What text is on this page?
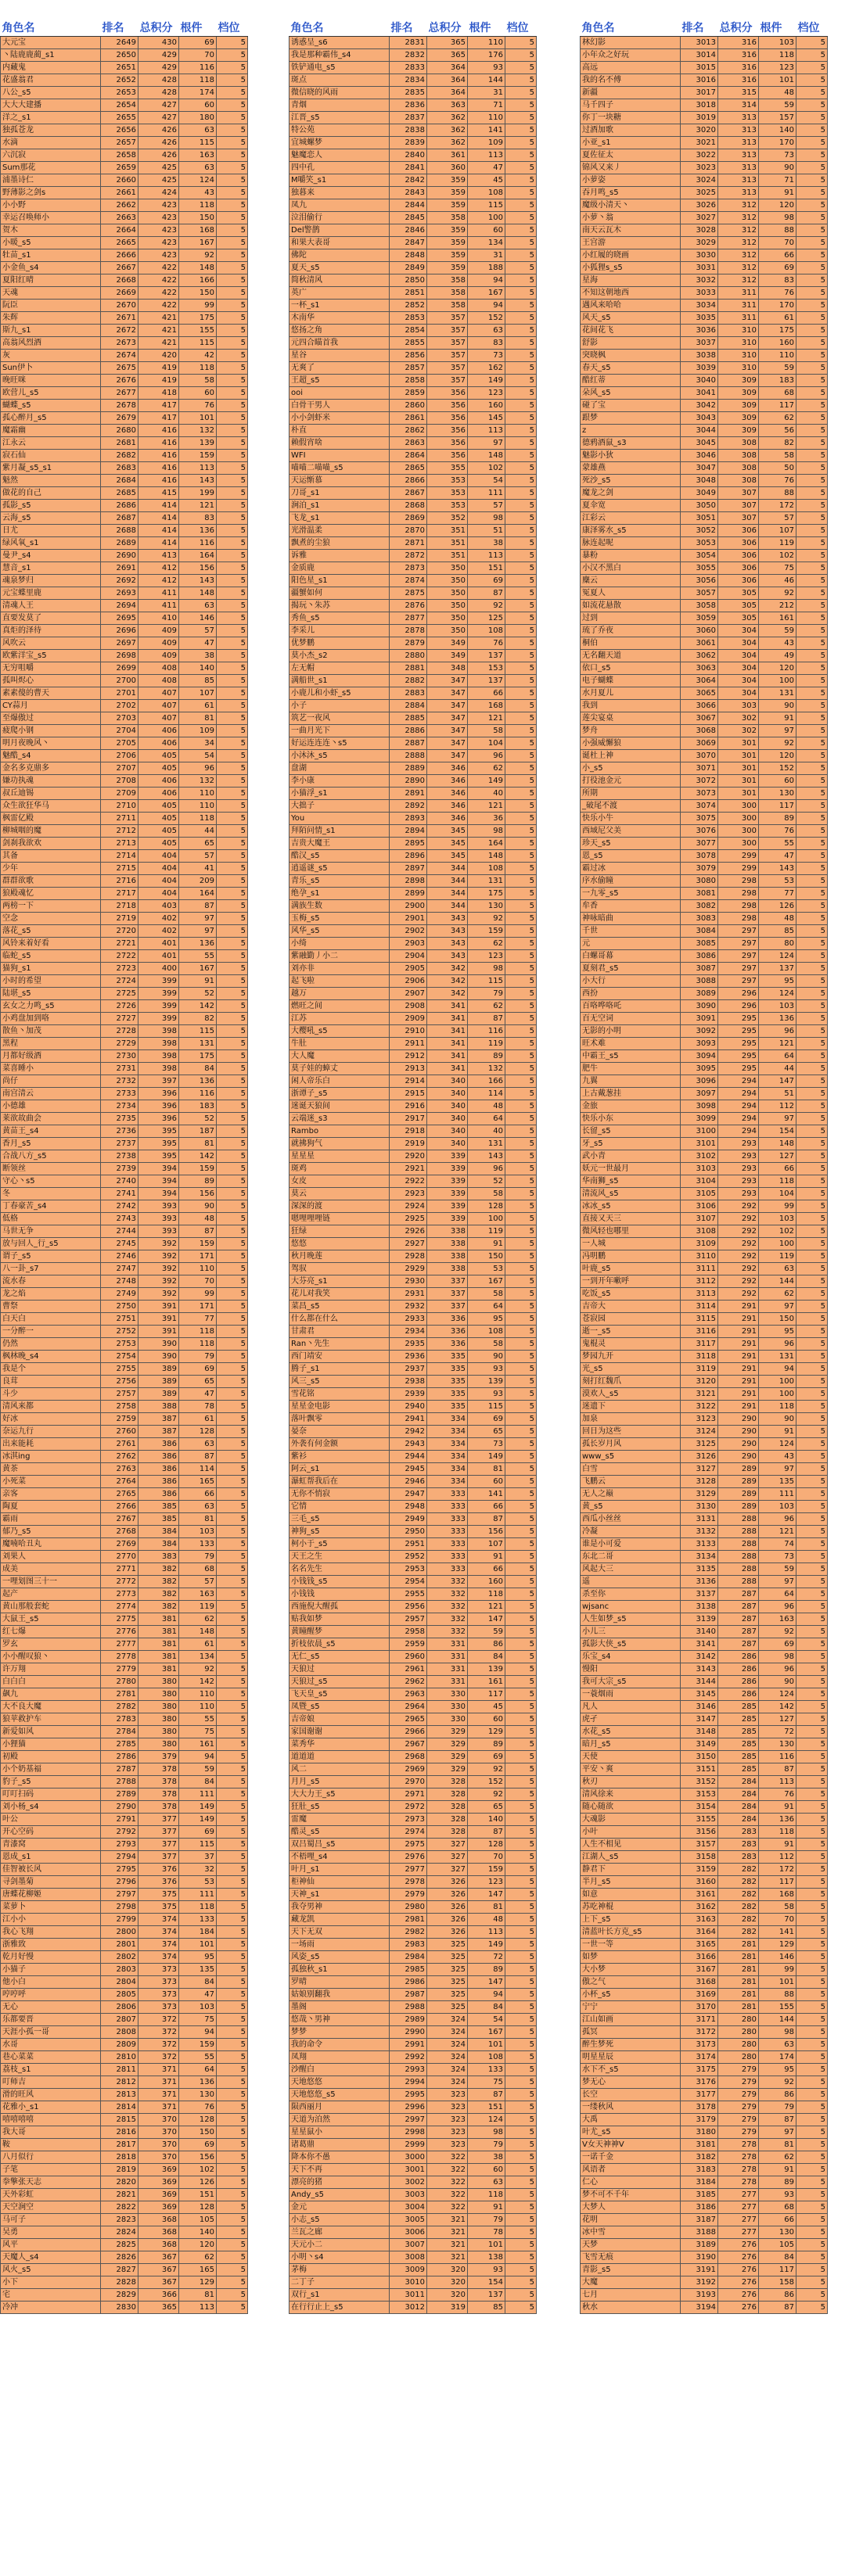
角色名	排名	总积分	根件	档位
大元宝	2649	430	69	5
丶陆鹿鹿蔺_s1	2650	429	70	5
内藏鬼	2651	429	116	5
花盛翁君	2652	428	118	5
八公_s5	2653	428	174	5
大大大建播	2654	427	60	5
洋之_s1	2655	427	180	5
独孤苍龙	2656	426	63	5
水滴	2657	426	115	5
六沉寂	2658	426	163	5
Sum那花	2659	425	63	5
浦墨诗仁	2660	425	124	5
野薄影之剑s	2661	424	43	5
小小野	2662	423	118	5
幸运召唤师小	2663	423	150	5
贺木	2664	423	168	5
小暖_s5	2665	423	167	5
牡苗_s1	2666	423	92	5
小金鱼_s4	2667	422	148	5
夏阳红晴	2668	422	166	5
天魂	2669	422	150	5
阮臣	2670	422	99	5
朱辉	2671	421	175	5
斯九_s1	2672	421	155	5
高翁风烈酒	2673	421	115	5
灰	2674	420	42	5
Sun伊卜	2675	419	118	5
晚旺咪	2676	419	58	5
欧营儿_s5	2677	418	60	5
蝴蝶_s5	2678	417	76	5
孤心醉月_s5	2679	417	101	5
魔霜幽	2680	416	132	5
江永云	2681	416	139	5
寂石仙	2682	416	159	5
紫月凝_s5_s1	2683	416	113	5
魁然	2684	416	143	5
做花的自己	2685	415	199	5
孤影_s5	2686	414	121	5
云海_s5	2687	414	83	5
日尤	2688	414	136	5
绿风氧_s1	2689	414	116	5
曼尹_s4	2690	413	164	5
慧音_s1	2691	412	156	5
魂泉梦归	2692	412	143	5
元宝蝶里鹿	2693	411	148	5
清魂人王	2694	411	63	5
直要发莫了	2695	410	146	5
真炬的泽待	2696	409	57	5
风吹云	2697	409	47	5
欧紫洋宝_s5	2698	409	38	5
无穷咀嚼	2699	408	140	5
孤叫烬心	2700	408	85	5
素素傻的曹天	2701	407	107	5
CY蒜月	2702	407	61	5
至爆傲过	2703	407	81	5
疲爬小钢	2704	406	109	5
明月夜晚风丶	2705	406	34	5
魅酷_s4	2706	405	54	5
金名多克鼎多	2707	405	96	5
嫌功执魂	2708	406	132	5
叔丘迪锡	2709	406	110	5
众生欲狂华马	2710	405	110	5
枫雷亿殿	2711	405	118	5
柳城咽的魔	2712	405	44	5
剑刹我欲欢	2713	405	65	5
其备	2714	404	57	5
少年	2715	404	41	5
群群欲歌	2716	404	209	5
狼殿魂忆	2717	404	164	5
两榜一下	2718	403	87	5
空念	2719	402	97	5
落花_s5	2720	402	97	5
风铃来着好看	2721	401	136	5
临蛇_s5	2722	401	55	5
猫狗_s1	2723	400	167	5
小时的希望	2724	399	91	5
陆堪_s5	2725	399	52	5
玄女之力鸣_s5	2726	399	142	5
小鸡盘加到咯	2727	399	82	5
散鱼丶加茂	2728	398	115	5
黑程	2729	398	131	5
月都好级酒	2730	398	175	5
菜喜睡小	2731	398	84	5
尚仔	2732	397	136	5
南宫清云	2733	396	116	5
小德雄	2734	396	183	5
莱欲故曲会	2735	396	52	5
黄苗王_s4	2736	395	187	5
香月_s5	2737	395	81	5
合战八方_s5	2738	395	142	5
断领丝	2739	394	159	5
守心丶s5	2740	394	89	5
冬	2741	394	156	5
丁春豪苦_s4	2742	393	90	5
低格	2743	393	48	5
马世无争	2744	393	87	5
放与回人_行_s5	2745	392	159	5
谓子_s5	2746	392	171	5
八一卦_s7	2747	392	110	5
流水春	2748	392	70	5
龙之焰	2749	392	99	5
曹祭	2750	391	171	5
白天白	2751	391	77	5
一分醉一	2752	391	118	5
仍然	2753	390	118	5
枫林晚_s4	2754	390	79	5
我是个	2755	389	69	5
良茸	2756	389	65	5
斗少	2757	389	47	5
清风来都	2758	388	78	5
好冰	2759	387	61	5
奈运九行	2760	387	128	5
出来能耗	2761	386	63	5
冰淇ing	2762	386	87	5
黄茶	2763	386	114	5
小死菜	2764	386	165	5
亲客	2765	386	66	5
陶夏	2766	385	63	5
霸雨	2767	385	81	5
郁乃_s5	2768	384	103	5
魔喃哈丑丸	2769	384	133	5
刘果人	2770	383	79	5
成美	2771	382	68	5
一哩划图三十一	2772	382	57	5
起产	2773	382	163	5
黄山那般套蛇	2774	382	119	5
大鼠王_s5	2775	381	62	5
红七爆	2776	381	148	5
罗玄	2777	381	61	5
小小醒叹狼丶	2778	381	134	5
许万翔	2779	381	92	5
白白白	2780	380	142	5
飙九	2781	380	110	5
大不良大魔	2782	380	110	5
狼苹救护车	2783	380	55	5
新爱如风	2784	380	75	5
小狸猫	2785	380	161	5
初殿	2786	379	94	5
小个奶基福	2787	378	59	5
豹子_s5	2788	378	84	5
叮叮扫码	2789	378	111	5
刘小杨_s4	2790	378	149	5
叶公	2791	377	149	5
开心空码	2792	377	69	5
青漆窝	2793	377	115	5
恩成_s1	2794	377	37	5
佳智被长风	2795	376	32	5
寻剑墨菊	2796	376	53	5
唐蝶花柳姬	2797	375	111	5
菜萝卜	2798	375	118	5
江小小	2799	374	133	5
我心飞翔	2800	374	184	5
浙雅致	2801	374	101	5
乾月好慢	2802	374	95	5
小猫子	2803	373	135	5
他小白	2804	373	84	5
哼哼呼	2805	373	47	5
无心	2806	373	103	5
乐都要晋	2807	372	75	5
天涯小孤一哥	2808	372	94	5
水哥	2809	372	159	5
巷心菜菜	2810	372	55	5
荔枝_s1	2811	371	64	5
叮师吉	2812	371	136	5
滑的旺风	2813	371	130	5
花雅小_s1	2814	371	76	5
嘻嘻嘻嘻	2815	370	128	5
我大哥	2816	370	150	5
鞍	2817	370	69	5
八月似行	2818	370	156	5
子笔	2819	369	102	5
拳擎张天志	2820	369	126	5
天外彩虹	2821	369	151	5
天空涧空	2822	369	128	5
马可子	2823	368	105	5
吴勇	2824	368	140	5
风平	2825	368	120	5
天魔人_s4	2826	367	62	5
风火_s5	2827	367	165	5
小下	2828	367	129	5
宅	2829	366	81	5
冷冲	2830	365	113	5
角色名	排名	总积分	根件	档位
诱惑呈_s6	2831	365	110	5
我是那种霸伟_s4	2832	365	176	5
铁铲通电_s5	2833	364	93	5
斑点	2834	364	144	5
微信晓的风雨	2835	364	31	5
青烟	2836	363	71	5
江晋_s5	2837	362	110	5
特公苑	2838	362	141	5
宜城螺梦	2839	362	109	5
魅魔恋人	2840	361	113	5
四中孔	2841	360	47	5
M嚼笑_s1	2842	359	45	5
独暮来	2843	359	108	5
凤九	2844	359	115	5
泣泪偷行	2845	358	100	5
Del警鹊	2846	359	60	5
和果大表哥	2847	359	134	5
佛陀	2848	359	31	5
夏天_s5	2849	359	188	5
简秋清风	2850	358	94	5
英广	2851	358	167	5
一杯_s1	2852	358	94	5
木南华	2853	357	152	5
悠扬之角	2854	357	63	5
元四合瞄首我	2855	357	83	5
星谷	2856	357	73	5
无爽了	2857	357	162	5
王超_s5	2858	357	149	5
ooi	2859	356	123	5
白骨干男人	2860	356	160	5
小小剑虾米	2861	356	145	5
朴直	2862	356	113	5
赖假宵啥	2863	356	97	5
WFI	2864	356	148	5
喵喵二喵喵_s5	2865	355	102	5
天运惭慕	2866	353	54	5
刀哥_s1	2867	353	111	5
涧泊_s1	2868	353	57	5
飞龙_s1	2869	352	98	5
光滑温柔	2870	351	51	5
飘煮的尘狼	2871	351	38	5
诉雅	2872	351	113	5
金质鹿	2873	350	151	5
阳色星_s1	2874	350	69	5
疆蟹如何	2875	350	87	5
揭玩丶朱苏	2876	350	92	5
秀鱼_s5	2877	350	125	5
李采儿	2878	350	108	5
优梦鹏	2879	349	76	5
莫小杰_s2	2880	349	137	5
左无帽	2881	348	153	5
满船世_s1	2882	347	137	5
小鹿儿和小虾_s5	2883	347	66	5
小子	2884	347	168	5
筑艺一夜风	2885	347	121	5
一曲月光下	2886	347	58	5
好运连连连丶s5	2887	347	104	5
小沐沐_s5	2888	347	96	5
盘湖	2889	346	62	5
李小康	2890	346	149	5
小猫浮_s1	2891	346	40	5
大拙子	2892	346	121	5
You	2893	346	36	5
拜陌问情_s1	2894	345	98	5
吉贵大魔王	2895	345	164	5
酷汉_s5	2896	345	148	5
逍遥谜_s5	2897	344	108	5
青乐_s5	2898	344	131	5
绝孕_s1	2899	344	175	5
满族生数	2900	344	130	5
玉梅_s5	2901	343	92	5
风华_s5	2902	343	159	5
小绮	2903	343	62	5
紫融勤丿小二	2904	343	123	5
刘亦非	2905	342	98	5
起飞啦	2906	342	115	5
越万	2907	342	79	5
燃旺之间	2908	341	62	5
江苏	2909	341	87	5
大樱吼_s5	2910	341	116	5
牛肚	2911	341	119	5
大人魔	2912	341	89	5
莫子娃的蟑丈	2913	341	132	5
闲人帝乐白	2914	340	166	5
浙谭子_s5	2915	340	114	5
迷诞天狼间	2916	340	48	5
云端迷_s3	2917	340	64	5
Rambo	2918	340	40	5
就拂狗气	2919	340	131	5
星星星	2920	339	143	5
斑鸡	2921	339	96	5
女皮	2922	339	52	5
莫云	2923	339	58	5
深深的渡	2924	339	128	5
嗯哩哩哩链	2925	339	100	5
狂绿	2926	338	119	5
悠悠	2927	338	91	5
秋月晚莲	2928	338	150	5
驾驭	2929	338	53	5
大芬亮_s1	2930	337	167	5
花儿对我笑	2931	337	58	5
菜昌_s5	2932	337	64	5
什么都在什么	2933	336	95	5
甘肃君	2934	336	108	5
Ran丶先生	2935	336	58	5
西门靖安	2936	335	90	5
腾子_s1	2937	335	93	5
风三_s5	2938	335	139	5
雪花铭	2939	335	93	5
星星金电影	2940	335	115	5
落叶飘零	2941	334	69	5
晏奈	2942	334	65	5
外袭有何金额	2943	334	73	5
紫衫	2944	334	149	5
阿云_s1	2945	334	81	5
瀑虹帮我后在	2946	334	60	5
无你不悄寂	2947	333	141	5
它情	2948	333	66	5
三毛_s5	2949	333	87	5
神狗_s5	2950	333	156	5
柯小于_s5	2951	333	107	5
天王之生	2952	333	91	5
名名先生	2953	333	66	5
小钱钱_s5	2954	332	160	5
小钱钱	2955	332	118	5
西施倪大醒孤	2956	332	121	5
贴我如梦	2957	332	147	5
黄瞳醒梦	2958	332	59	5
折枝依晨_s5	2959	331	86	5
无仁_s5	2960	331	84	5
天狼过	2961	331	139	5
天狼过_s5	2962	331	161	5
飞天皇_s5	2963	330	117	5
凤暨_s5	2964	330	45	5
吉帝娘	2965	330	60	5
家国谢谢	2966	329	129	5
菜秀华	2967	329	89	5
道道道	2968	329	69	5
风二	2969	329	92	5
月月_s5	2970	328	152	5
大大力王_s5	2971	328	92	5
狂肚_s5	2972	328	65	5
雷魔	2973	328	140	5
酷灵_s5	2974	328	87	5
双吕蜀吕_s5	2975	327	128	5
不梧哩_s4	2976	327	70	5
叶月_s1	2977	327	159	5
柜神仙	2978	326	123	5
天神_s1	2979	326	147	5
我夺男神	2980	326	81	5
藏龙凯	2981	326	48	5
天下无双	2982	326	113	5
一场雨	2983	325	149	5
风姿_s5	2984	325	72	5
孤独秋_s1	2985	325	89	5
罗晴	2986	325	147	5
姑娘别翻我	2987	325	94	5
墨阁	2988	325	84	5
悠哉丶男神	2989	324	54	5
梦梦	2990	324	167	5
我的命令	2991	324	101	5
凤翔	2992	324	108	5
沙醒白	2993	324	133	5
天地悠悠	2994	324	75	5
天地悠悠_s5	2995	323	87	5
陨西丽月	2996	323	151	5
天道为泊然	2997	323	124	5
星星鼠小	2998	323	98	5
诸葛鼎	2999	323	79	5
降本你不愚	3000	322	38	5
天下不再	3001	322	60	5
漂亮的猪	3002	322	63	5
Andy_s5	3003	322	118	5
金元	3004	322	91	5
小志_s5	3005	321	79	5
兰瓦之廊	3006	321	78	5
天元小二	3007	321	101	5
小明丶s4	3008	321	138	5
茅梅	3009	320	93	5
二丁子	3010	320	154	5
双行_s1	3011	320	137	5
在行行止上_s5	3012	319	85	5
角色名	排名	总积分	根件	档位
林幻影	3013	316	103	5
小年众之好玩	3014	316	118	5
高远	3015	316	123	5
我的名不傅	3016	316	101	5
新疆	3017	315	48	5
马千四子	3018	314	59	5
你丁一块糖	3019	313	157	5
过酒加歌	3020	313	140	5
小亚_s1	3021	313	170	5
夏佐征太	3022	313	73	5
锦风又来丿	3023	313	90	5
小萝姿	3024	313	71	5
吞月鸣_s5	3025	313	91	5
魔级小清天丶	3026	312	120	5
小萝丶翁	3027	312	98	5
南天云瓦木	3028	312	88	5
王宫游	3029	312	70	5
小红履的晓画	3030	312	66	5
小狐狸s_s5	3031	312	69	5
星海	3032	312	83	5
不知这朝地西	3033	311	76	5
遇风来哈哈	3034	311	170	5
风天_s5	3035	311	61	5
花间花飞	3036	310	175	5
舒影	3037	310	160	5
突晓枫	3038	310	110	5
春天_s5	3039	310	59	5
酷红蒂	3040	309	183	5
朵风_s5	3041	309	68	5
碰了宝	3042	309	117	5
跟梦	3043	309	62	5
z	3044	309	56	5
德鸦酒鼠_s3	3045	308	82	5
魅影小狄	3046	308	58	5
蒙雄燕	3047	308	50	5
死沙_s5	3048	308	76	5
魔龙之剑	3049	307	88	5
夏伞宽	3050	307	172	5
江彩云	3051	307	57	5
康泽雾水_s5	3052	306	107	5
脉连起呢	3053	306	119	5
暴粉	3054	306	102	5
小汉不黑白	3055	306	75	5
麋云	3056	306	46	5
冤夏人	3057	305	92	5
如流花悬散	3058	305	212	5
过到	3059	305	161	5
琉了乔夜	3060	304	59	5
桐伯	3061	304	43	5
无名翻天道	3062	304	49	5
依口_s5	3063	304	120	5
电子蝴蝶	3064	304	100	5
水月夏儿	3065	304	131	5
我到	3066	303	90	5
莲尖宴桌	3067	302	91	5
梦舟	3068	302	97	5
小强威懈狼	3069	301	92	5
诞杜上神	3070	301	120	5
小_s5	3071	301	152	5
打役池金元	3072	301	60	5
所期	3073	301	130	5
_破尾不渡	3074	300	117	5
快乐小牛	3075	300	89	5
西域尼父美	3076	300	76	5
珍天_s5	3077	300	55	5
恩_s5	3078	299	47	5
霸过冰	3079	299	143	5
序水偷瞳	3080	298	53	5
一九零_s5	3081	298	77	5
牟香	3082	298	126	5
神咏暗曲	3083	298	48	5
千世	3084	297	85	5
元	3085	297	80	5
白螺哥幕	3086	297	124	5
夏刻君_s5	3087	297	137	5
小大行	3088	297	95	5
西扮	3089	296	124	5
百咯哗咯吒	3090	296	103	5
百无空词	3091	295	136	5
无影的小明	3092	295	96	5
旺术难	3093	295	121	5
中霸王_s5	3094	295	64	5
肥牛	3095	295	44	5
九翼	3096	294	147	5
上古戴葱挂	3097	294	51	5
金旅	3098	294	112	5
快乐小东	3099	294	97	5
长留_s5	3100	294	154	5
牙_s5	3101	293	148	5
武小青	3102	293	127	5
妖元一世最月	3103	293	66	5
华南狮_s5	3104	293	118	5
清流风_s5	3105	293	104	5
冰冰_s5	3106	292	99	5
直接又天三	3107	292	103	5
微风轻也哪里	3108	292	102	5
一人城	3109	292	100	5
冯明鹏	3110	292	119	5
叶鹿_s5	3111	292	63	5
一到开年嗽呼	3112	292	144	5
吃饭_s5	3113	292	62	5
吉帝大	3114	291	97	5
苍寂园	3115	291	150	5
逝一_s5	3116	291	95	5
鬼棍灵	3117	291	96	5
梦园九开	3118	291	131	5
光_s5	3119	291	94	5
刻打红魏爪	3120	291	100	5
漠欢人_s5	3121	291	100	5
迷遗下	3122	291	118	5
加泉	3123	290	90	5
回日为这些	3124	290	91	5
孤长岁月风	3125	290	124	5
www_s5	3126	290	43	5
白雪	3127	289	97	5
飞鹏云	3128	289	135	5
无人之巅	3129	289	111	5
黄_s5	3130	289	103	5
西瓜小丝丝	3131	288	96	5
冷凝	3132	288	121	5
谁是小可爱	3133	288	74	5
东北二哥	3134	288	73	5
风起大三	3135	288	59	5
遥	3136	288	97	5
杀至你	3137	287	64	5
wjsanc	3138	287	96	5
人生如梦_s5	3139	287	163	5
小儿三	3140	287	92	5
孤影大侠_s5	3141	287	69	5
乐宝_s4	3142	286	98	5
慢阳	3143	286	96	5
我可大宗_s5	3144	286	90	5
一蓑烟雨	3145	286	124	5
凡人	3146	285	142	5
虎孑	3147	285	127	5
水花_s5	3148	285	72	5
暗月_s5	3149	285	130	5
天使	3150	285	116	5
平安丶爽	3151	285	87	5
秋刃	3152	284	113	5
清风徐来	3153	284	76	5
随心随欲	3154	284	91	5
大魂影	3155	284	136	5
小叶	3156	283	118	5
人生不相见	3157	283	91	5
江湖人_s5	3158	283	112	5
静君下	3159	282	172	5
半月_s5	3160	282	117	5
如意	3161	282	168	5
苏吃神棍	3162	282	58	5
上下_s5	3163	282	70	5
清蓝叶长方克_s5	3164	282	141	5
一世一等	3165	281	129	5
如梦	3166	281	146	5
大小梦	3167	281	99	5
傲之气	3168	281	101	5
小杯_s5	3169	281	88	5
宁宁	3170	281	155	5
江山如画	3171	280	144	5
孤冥	3172	280	98	5
醉生梦死	3173	280	63	5
明星星辰	3174	280	174	5
水下不_s5	3175	279	95	5
梦无心	3176	279	92	5
长空	3177	279	86	5
一缕秋风	3178	279	79	5
大禹	3179	279	87	5
叶尤_s5	3180	279	97	5
V女天神神V	3181	278	81	5
一诺千金	3182	278	62	5
风语者	3183	278	91	5
仁心	3184	278	89	5
梦不可不千年	3185	277	93	5
大梦人	3186	277	68	5
花明	3187	277	66	5
冰中雪	3188	277	130	5
天梦	3189	276	105	5
飞雪无痕	3190	276	84	5
青影_s5	3191	276	117	5
大魔	3192	276	158	5
七月	3193	276	86	5
秋水	3194	276	87	5
